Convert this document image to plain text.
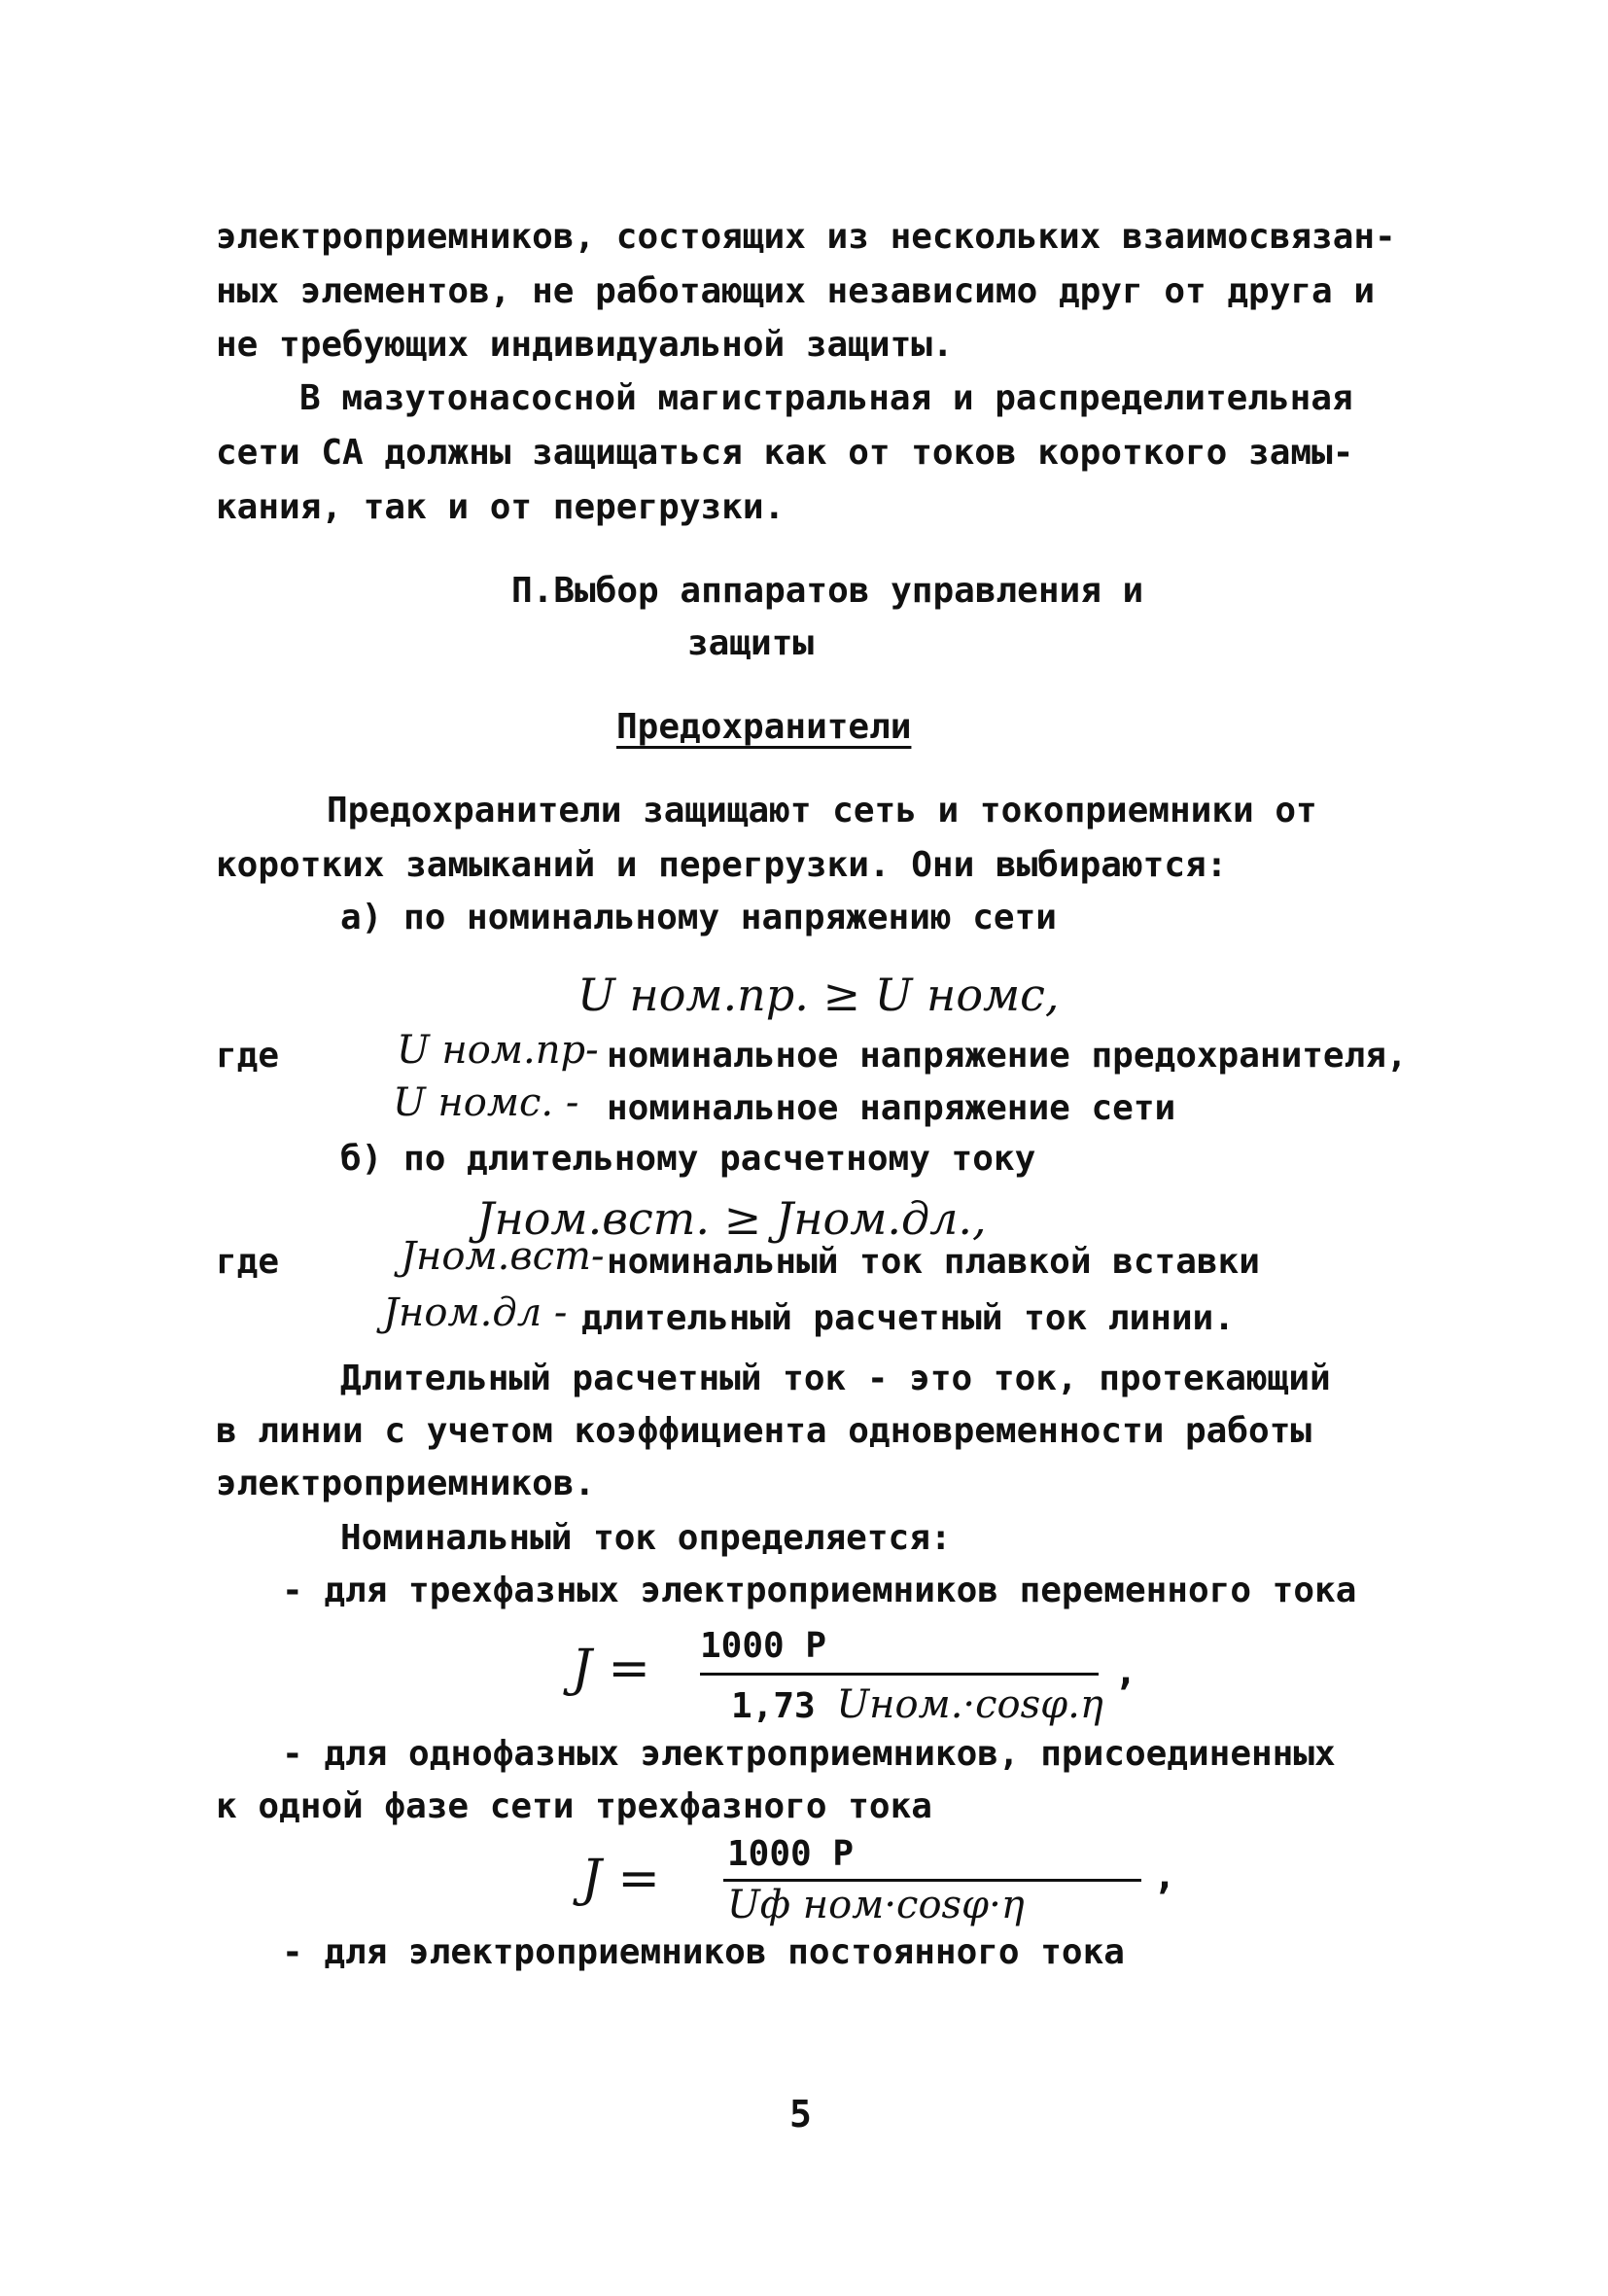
электроприемников, состоящих из нескольких взаимосвязан-
ных элементов, не работающих независимо друг от друга и
не требующих индивидуальной защиты.
В мазутонасосной магистральная и распределительная
сети СА должны защищаться как от токов короткого замы-
кания, так и от перегрузки.
П.Выбор аппаратов управления и
защиты
Предохранители
Предохранители защищают сеть и токоприемники от
коротких замыканий и перегрузки. Они выбираются:
а) по номинальному напряжению сети
U ном.пр. ≥ U номс,
где	U ном.пр- номинальное напряжение предохранителя,
U номс. - номинальное напряжение сети
б) по длительному расчетному току
Jном.вст. ≥ Jном.дл.,
где	Jном.вст- номинальный ток плавкой вставки
Jном.дл - длительный расчетный ток линии.
Длительный расчетный ток - это ток, протекающий
в линии с учетом коэффициента одновременности работы
электроприемников.
Номинальный ток определяется:
- для трехфазных электроприемников переменного тока
J = 1000 P
1,73 Uном.·cosφ.η
,
- для однофазных электроприемников, присоединенных
к одной фазе сети трехфазного тока
J = 1000 P
Uф ном·cosφ·η
,
- для электроприемников постоянного тока
5
